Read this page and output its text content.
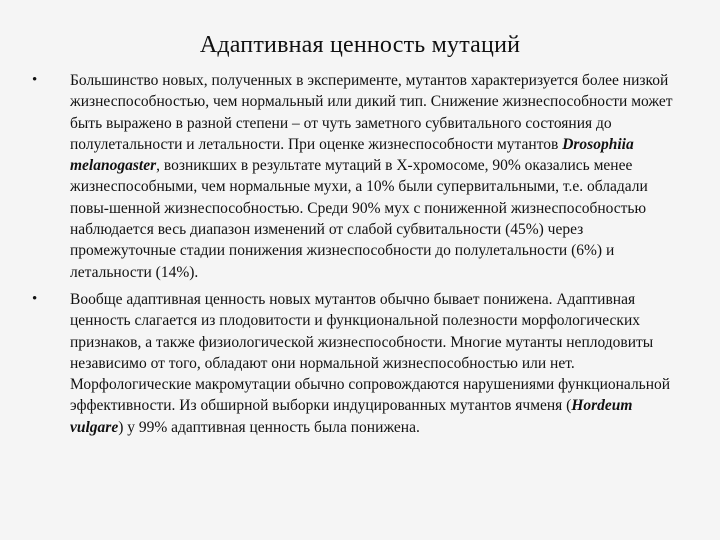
Адаптивная ценность мутаций
• Большинство новых, полученных в эксперименте, мутантов характеризуется более низкой жизнеспособностью, чем нормальный или дикий тип. Снижение жизнеспособности может быть выражено в разной степени – от чуть заметного субвитального состояния до полулетальности и летальности. При оценке жизнеспособности мутантов Drosophiia melanogaster, возникших в результате мутаций в X-хромосоме, 90% оказались менее жизнеспособными, чем нормальные мухи, а 10% были супервитальными, т.е. обладали повы-шенной жизнеспособностью. Среди 90% мух с пониженной жизнеспособностью наблюдается весь диапазон изменений от слабой субвитальности (45%) через промежуточные стадии понижения жизнеспособности до полулетальности (6%) и летальности (14%).
• Вообще адаптивная ценность новых мутантов обычно бывает понижена. Адаптивная ценность слагается из плодовитости и функциональной полезности морфологических признаков, а также физиологической жизнеспособности. Многие мутанты неплодовиты независимо от того, обладают они нормальной жизнеспособностью или нет. Морфологические макромутации обычно сопровождаются нарушениями функциональной эффективности. Из обширной выборки индуцированных мутантов ячменя (Hordeum vulgare) у 99% адаптивная ценность была понижена.
